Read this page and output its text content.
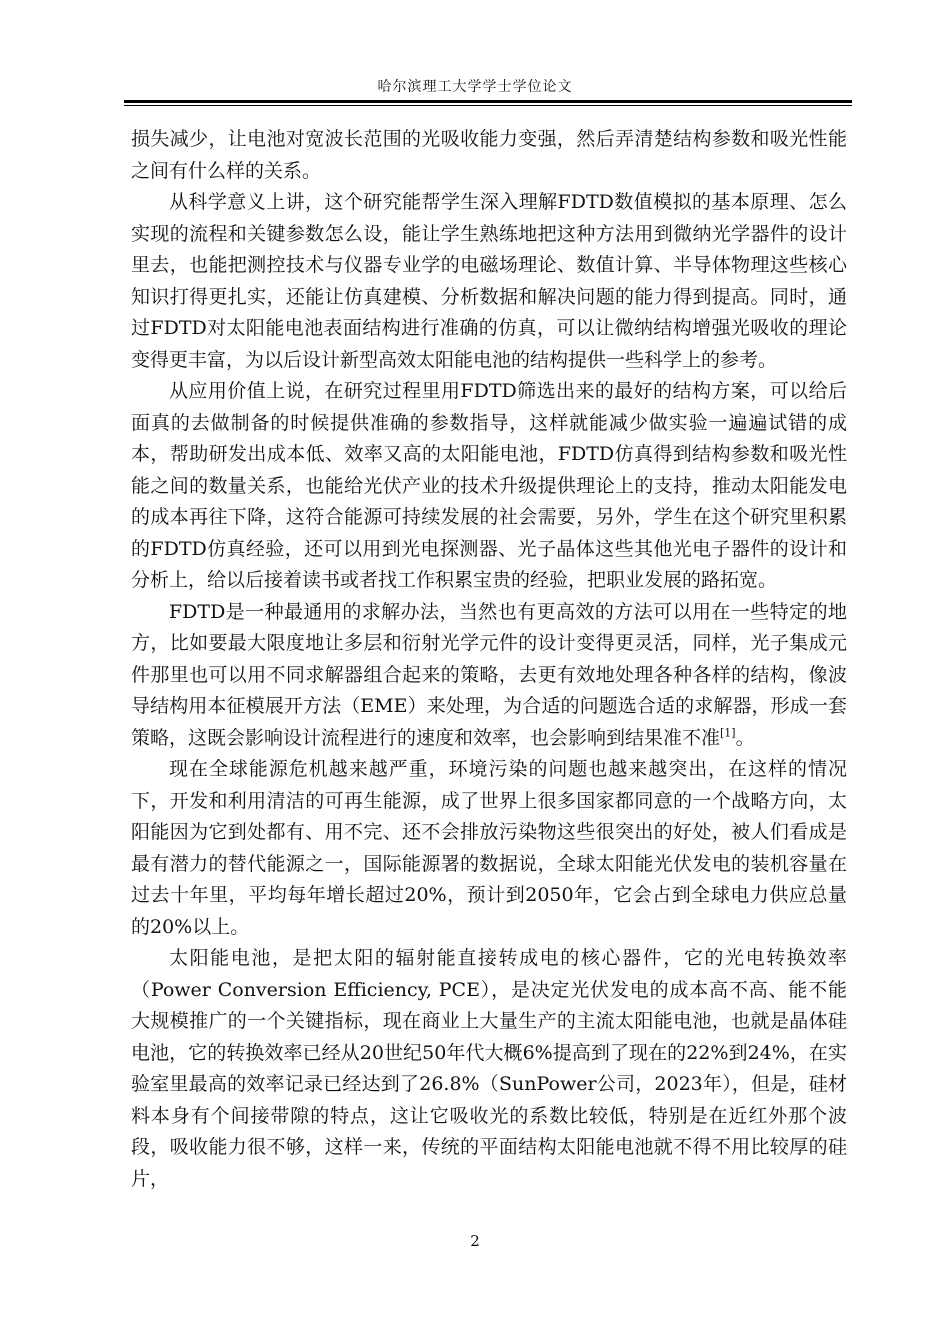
哈尔滨理工大学学士学位论文

损失减少，让电池对宽波长范围的光吸收能力变强，然后弄清楚结构参数和吸光性能之间有什么样的关系。

从科学意义上讲，这个研究能帮学生深入理解FDTD数值模拟的基本原理、怎么实现的流程和关键参数怎么设，能让学生熟练地把这种方法用到微纳光学器件的设计里去，也能把测控技术与仪器专业学的电磁场理论、数值计算、半导体物理这些核心知识打得更扎实，还能让仿真建模、分析数据和解决问题的能力得到提高。同时，通过FDTD对太阳能电池表面结构进行准确的仿真，可以让微纳结构增强光吸收的理论变得更丰富，为以后设计新型高效太阳能电池的结构提供一些科学上的参考。

从应用价值上说，在研究过程里用FDTD筛选出来的最好的结构方案，可以给后面真的去做制备的时候提供准确的参数指导，这样就能减少做实验一遍遍试错的成本，帮助研发出成本低、效率又高的太阳能电池，FDTD仿真得到结构参数和吸光性能之间的数量关系，也能给光伏产业的技术升级提供理论上的支持，推动太阳能发电的成本再往下降，这符合能源可持续发展的社会需要，另外，学生在这个研究里积累的FDTD仿真经验，还可以用到光电探测器、光子晶体这些其他光电子器件的设计和分析上，给以后接着读书或者找工作积累宝贵的经验，把职业发展的路拓宽。

FDTD是一种最通用的求解办法，当然也有更高效的方法可以用在一些特定的地方，比如要最大限度地让多层和衍射光学元件的设计变得更灵活，同样，光子集成元件那里也可以用不同求解器组合起来的策略，去更有效地处理各种各样的结构，像波导结构用本征模展开方法（EME）来处理，为合适的问题选合适的求解器，形成一套策略，这既会影响设计流程进行的速度和效率，也会影响到结果准不准[1]。

现在全球能源危机越来越严重，环境污染的问题也越来越突出，在这样的情况下，开发和利用清洁的可再生能源，成了世界上很多国家都同意的一个战略方向，太阳能因为它到处都有、用不完、还不会排放污染物这些很突出的好处，被人们看成是最有潜力的替代能源之一，国际能源署的数据说，全球太阳能光伏发电的装机容量在过去十年里，平均每年增长超过20%，预计到2050年，它会占到全球电力供应总量的20%以上。

太阳能电池，是把太阳的辐射能直接转成电的核心器件，它的光电转换效率（Power Conversion Efficiency, PCE），是决定光伏发电的成本高不高、能不能大规模推广的一个关键指标，现在商业上大量生产的主流太阳能电池，也就是晶体硅电池，它的转换效率已经从20世纪50年代大概6%提高到了现在的22%到24%，在实验室里最高的效率记录已经达到了26.8%（SunPower公司，2023年），但是，硅材料本身有个间接带隙的特点，这让它吸收光的系数比较低，特别是在近红外那个波段，吸收能力很不够，这样一来，传统的平面结构太阳能电池就不得不用比较厚的硅片，

2
